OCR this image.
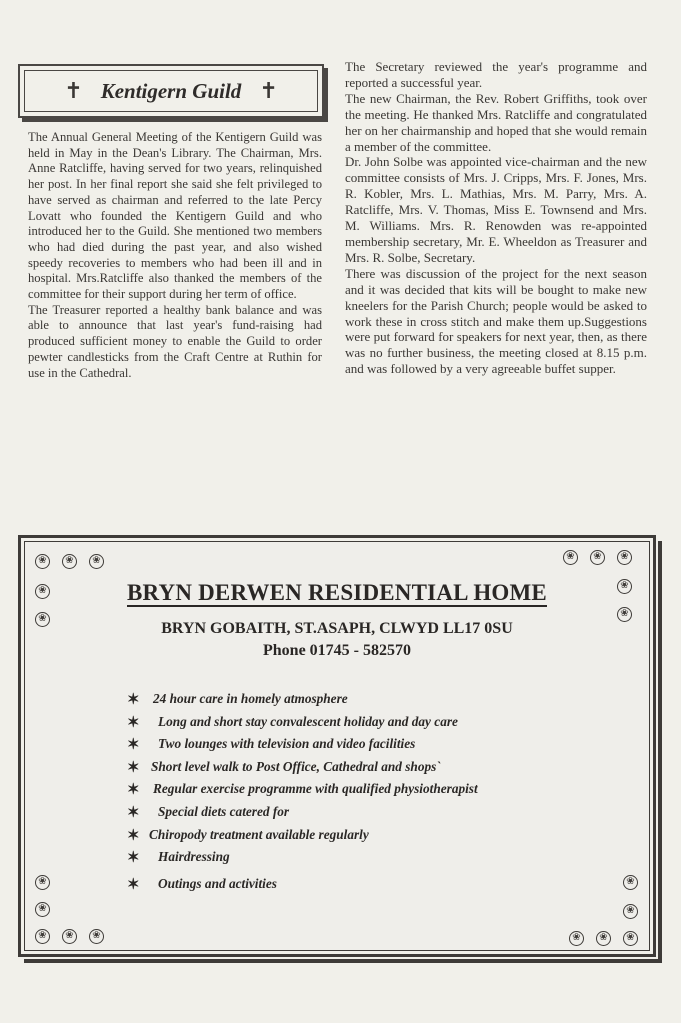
✝ Kentigern Guild ✝

The Annual General Meeting of the Kentigern Guild was held in May in the Dean's Library. The Chairman, Mrs. Anne Ratcliffe, having served for two years, relinquished her post. In her final report she said she felt privileged to have served as chairman and referred to the late Percy Lovatt who founded the Kentigern Guild and who introduced her to the Guild. She mentioned two members who had died during the past year, and also wished speedy recoveries to members who had been ill and in hospital. Mrs.Ratcliffe also thanked the members of the committee for their support during her term of office.

The Treasurer reported a healthy bank balance and was able to announce that last year's fund-raising had produced sufficient money to enable the Guild to order pewter candlesticks from the Craft Centre at Ruthin for use in the Cathedral.

The Secretary reviewed the year's programme and reported a successful year.

The new Chairman, the Rev. Robert Griffiths, took over the meeting. He thanked Mrs. Ratcliffe and congratulated her on her chairmanship and hoped that she would remain a member of the committee.

Dr. John Solbe was appointed vice-chairman and the new committee consists of Mrs. J. Cripps, Mrs. F. Jones, Mrs. R. Kobler, Mrs. L. Mathias, Mrs. M. Parry, Mrs. A. Ratcliffe, Mrs. V. Thomas, Miss E. Townsend and Mrs. M. Williams. Mrs. R. Renowden was re-appointed membership secretary, Mr. E. Wheeldon as Treasurer and Mrs. R. Solbe, Secretary.

There was discussion of the project for the next season and it was decided that kits will be bought to make new kneelers for the Parish Church; people would be asked to work these in cross stitch and make them up.Suggestions were put forward for speakers for next year, then, as there was no further business, the meeting closed at 8.15 p.m. and was followed by a very agreeable buffet supper.

❀	❀	❀
❀
❀
❀	❀	❀
❀
❀
❀
❀
❀	❀	❀
❀
❀
❀	❀	❀
BRYN DERWEN RESIDENTIAL HOME
BRYN GOBAITH, ST.ASAPH, CLWYD LL17 0SU
Phone 01745 - 582570
✶ 24 hour care in homely atmosphere
✶ Long and short stay convalescent holiday and day care
✶ Two lounges with television and video facilities
✶ Short level walk to Post Office, Cathedral and shops`
✶ Regular exercise programme with qualified physiotherapist
✶ Special diets catered for
✶ Chiropody treatment available regularly
✶ Hairdressing
✶ Outings and activities
